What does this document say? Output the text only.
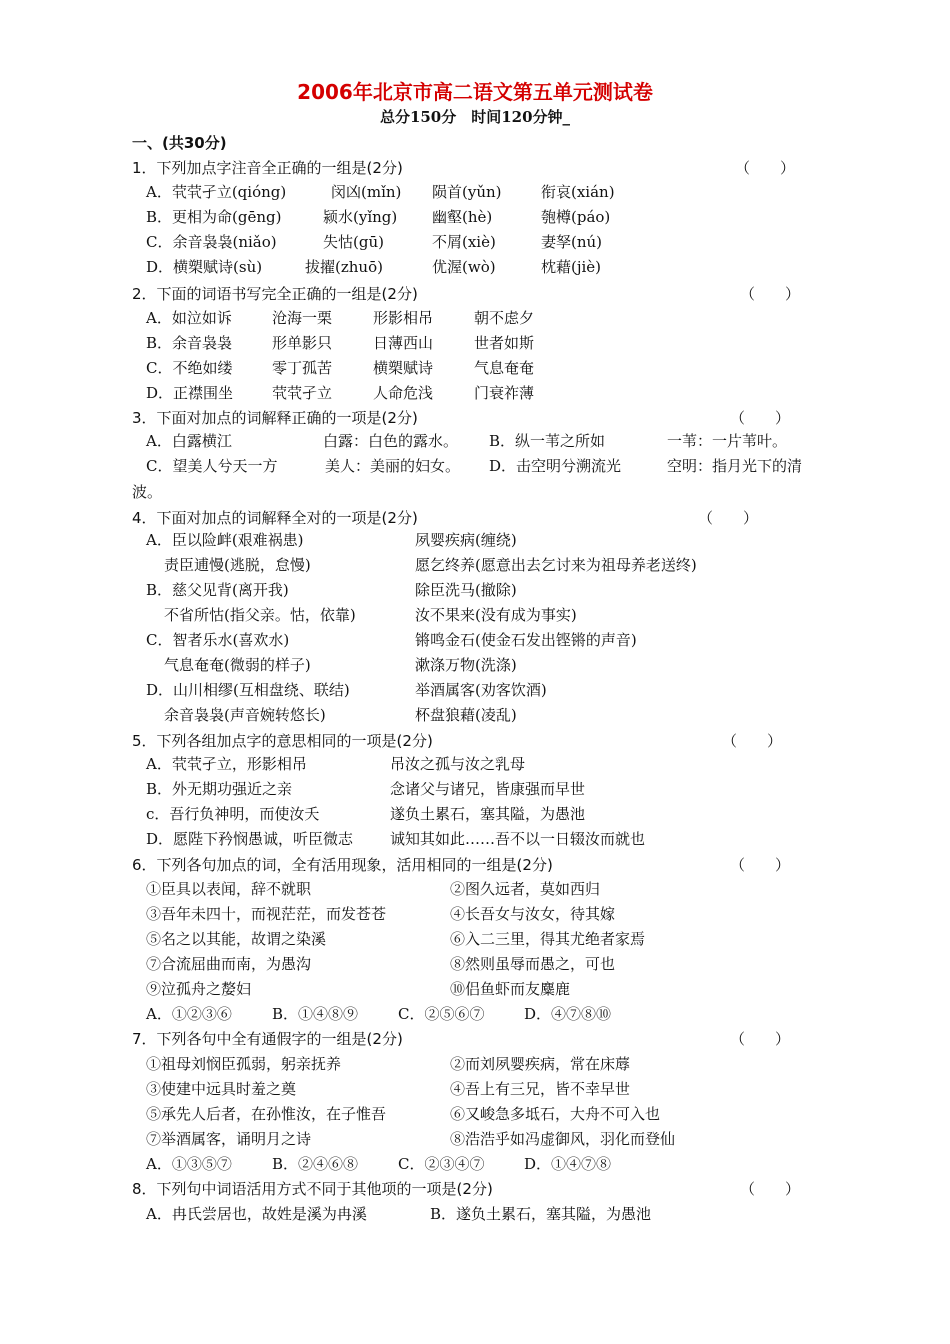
2006年北京市高二语文第五单元测试卷
总分150分　时间120分钟_
一、(共30分)
1．下列加点字注音全正确的一组是(2分)	（　　）
A．茕茕孑立(qióng)	闵凶(mǐn) 陨首(yǔn)	衔哀(xián)
B．更相为命(gēng)	颍水(yǐng) 幽壑(hè)	匏樽(páo)
C．余音袅袅(niǎo)	失怙(gū)	不屑(xiè)	妻孥(nú)
D．横槊赋诗(sù)	拔擢(zhuō)	优渥(wò)	枕藉(jiè)
2．下面的词语书写完全正确的一组是(2分)	（　　）
A．如泣如诉	沧海一栗	形影相吊	朝不虑夕
B．余音袅袅	形单影只	日薄西山	世者如斯
C．不绝如缕	零丁孤苦	横槊赋诗	气息奄奄
D．正襟围坐	茕茕孑立	人命危浅	门衰祚薄
3．下面对加点的词解释正确的一项是(2分)	（　　）
A．白露横江	白露：白色的露水。 B．纵一苇之所如	一苇：一片苇叶。
C．望美人兮天一方	美人：美丽的妇女。 D．击空明兮溯流光	空明：指月光下的清
波。
4．下面对加点的词解释全对的一项是(2分)	（　　）
A．臣以险衅(艰难祸患)	夙婴疾病(缠绕)
责臣逋慢(逃脱，怠慢)	愿乞终养(愿意出去乞讨来为祖母养老送终)
B．慈父见背(离开我)	除臣洗马(撤除)
不省所怙(指父亲。怙，依靠)	汝不果来(没有成为事实)
C．智者乐水(喜欢水)	锵鸣金石(使金石发出铿锵的声音)
气息奄奄(微弱的样子)	漱涤万物(洗涤)
D．山川相缪(互相盘绕、联结)	举酒属客(劝客饮酒)
余音袅袅(声音婉转悠长)	杯盘狼藉(凌乱)
5．下列各组加点字的意思相同的一项是(2分)	（　　）
A．茕茕孑立，形影相吊	吊汝之孤与汝之乳母
B．外无期功强近之亲	念诸父与诸兄，皆康强而早世
c．吾行负神明，而使汝夭	遂负土累石，塞其隘，为愚池
D．愿陛下矜悯愚诚，听臣微志 诚知其如此……吾不以一日辍汝而就也
6．下列各句加点的词，全有活用现象，活用相同的一组是(2分)	（　　）
①臣具以表闻，辞不就职	②图久远者，莫如西归
③吾年未四十，而视茫茫，而发苍苍	④长吾女与汝女，待其嫁
⑤名之以其能，故谓之染溪	⑥入二三里，得其尤绝者家焉
⑦合流屈曲而南，为愚沟	⑧然则虽辱而愚之，可也
⑨泣孤舟之嫠妇	⑩侣鱼虾而友麋鹿
A．①②③⑥	B．①④⑧⑨	C．②⑤⑥⑦	D．④⑦⑧⑩
7．下列各句中全有通假字的一组是(2分)	（　　）
①祖母刘悯臣孤弱，躬亲抚养	②而刘夙婴疾病，常在床蓐
③使建中远具时羞之奠	④吾上有三兄，皆不幸早世
⑤承先人后者，在孙惟汝，在子惟吾	⑥又峻急多坻石，大舟不可入也
⑦举酒属客，诵明月之诗	⑧浩浩乎如冯虚御风，羽化而登仙
A．①③⑤⑦	B．②④⑥⑧	C．②③④⑦	D．①④⑦⑧
8．下列句中词语活用方式不同于其他项的一项是(2分)	（　　）
A．冉氏尝居也，故姓是溪为冉溪	B．遂负土累石，塞其隘，为愚池
